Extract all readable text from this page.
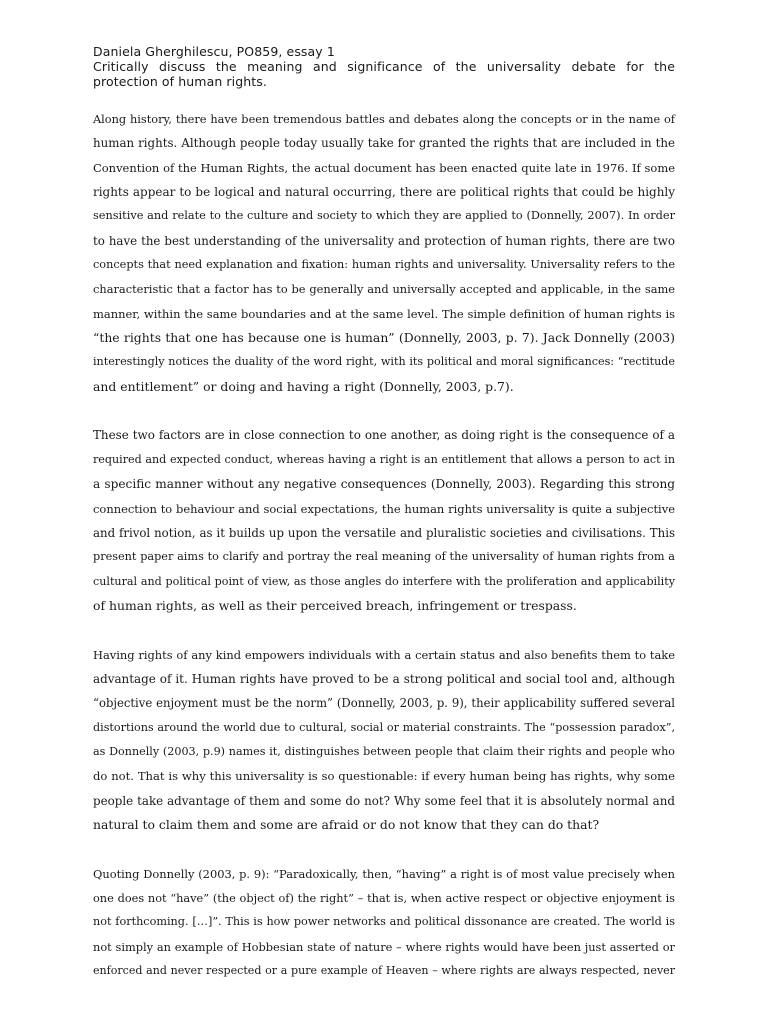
Daniela Gherghilescu, PO859, essay 1
Critically discuss the meaning and significance of the universality debate for the
protection of human rights.
Along history, there have been tremendous battles and debates along the concepts or in the name of
human rights. Although people today usually take for granted the rights that are included in the
Convention of the Human Rights, the actual document has been enacted quite late in 1976. If some
rights appear to be logical and natural occurring, there are political rights that could be highly
sensitive and relate to the culture and society to which they are applied to (Donnelly, 2007). In order
to have the best understanding of the universality and protection of human rights, there are two
concepts that need explanation and fixation: human rights and universality. Universality refers to the
characteristic that a factor has to be generally and universally accepted and applicable, in the same
manner, within the same boundaries and at the same level. The simple definition of human rights is
“the rights that one has because one is human” (Donnelly, 2003, p. 7). Jack Donnelly (2003)
interestingly notices the duality of the word right, with its political and moral significances: “rectitude
and entitlement” or doing and having a right (Donnelly, 2003, p.7).
These two factors are in close connection to one another, as doing right is the consequence of a
required and expected conduct, whereas having a right is an entitlement that allows a person to act in
a specific manner without any negative consequences (Donnelly, 2003). Regarding this strong
connection to behaviour and social expectations, the human rights universality is quite a subjective
and frivol notion, as it builds up upon the versatile and pluralistic societies and civilisations. This
present paper aims to clarify and portray the real meaning of the universality of human rights from a
cultural and political point of view, as those angles do interfere with the proliferation and applicability
of human rights, as well as their perceived breach, infringement or trespass.
Having rights of any kind empowers individuals with a certain status and also benefits them to take
advantage of it. Human rights have proved to be a strong political and social tool and, although
“objective enjoyment must be the norm” (Donnelly, 2003, p. 9), their applicability suffered several
distortions around the world due to cultural, social or material constraints. The “possession paradox”,
as Donnelly (2003, p.9) names it, distinguishes between people that claim their rights and people who
do not. That is why this universality is so questionable: if every human being has rights, why some
people take advantage of them and some do not? Why some feel that it is absolutely normal and
natural to claim them and some are afraid or do not know that they can do that?
Quoting Donnelly (2003, p. 9): “Paradoxically, then, “having” a right is of most value precisely when
one does not “have” (the object of) the right” – that is, when active respect or objective enjoyment is
not forthcoming. […]”. This is how power networks and political dissonance are created. The world is
not simply an example of Hobbesian state of nature – where rights would have been just asserted or
enforced and never respected or a pure example of Heaven – where rights are always respected, never
